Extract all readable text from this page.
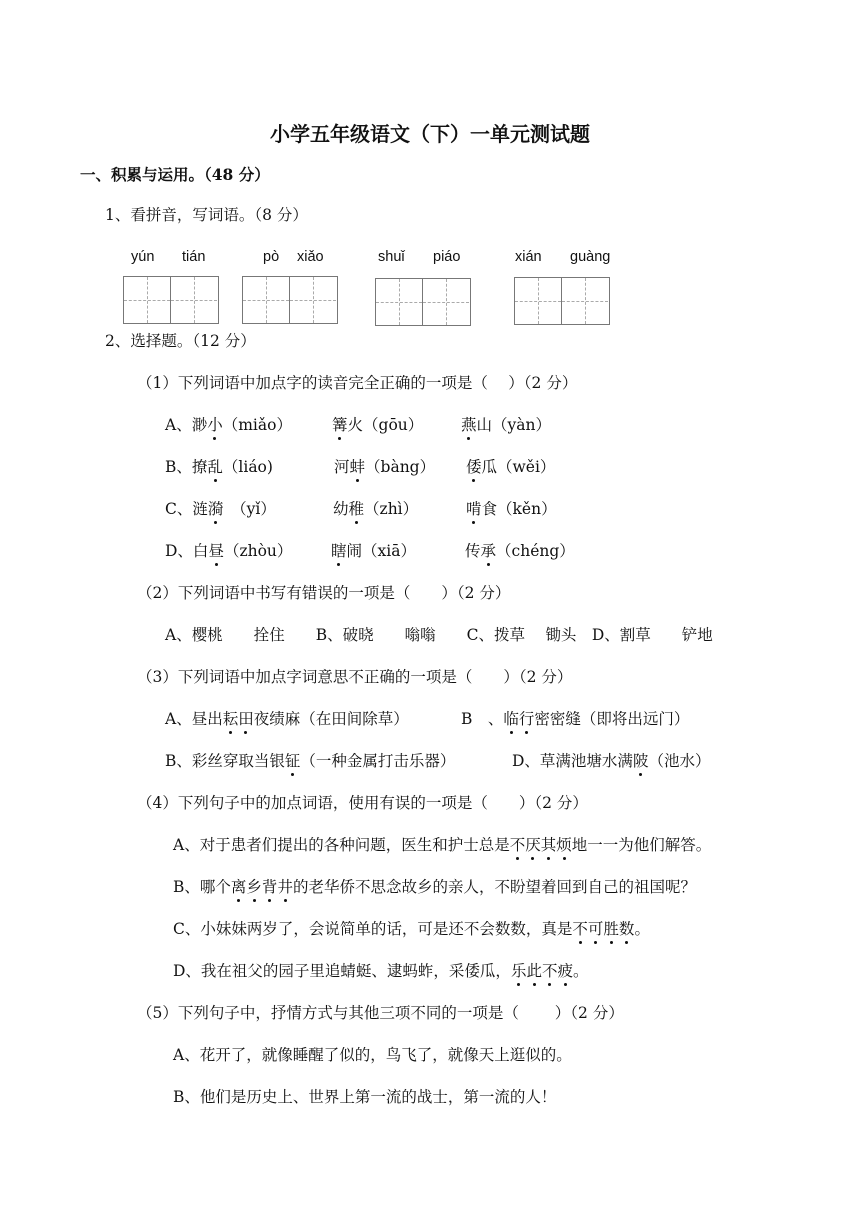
小学五年级语文（下）一单元测试题
一、积累与运用。（48 分）
1、看拼音，写词语。（8 分）
yún tián	pò xiǎo	shuǐ piáo	xián guàng
2、选择题。（12 分）
（1）下列词语中加点字的读音完全正确的一项是（　 ）（2 分）
A、渺小（miǎo）	篝火（gōu） 燕山（yàn）
B、撩乱（liáo)	河蚌（bàng） 倭瓜（wěi）
C、涟漪　（yǐ）	幼稚（zhì）	啃食（kěn）
D、白昼（zhòu） 瞎闹（xiā）	传承（chéng）
（2）下列词语中书写有错误的一项是（　　）（2 分）
A、樱桃　　拴住　　B、破晓　　嗡嗡　　C、拨草　 锄头　D、割草　　铲地
（3）下列词语中加点字词意思不正确的一项是（　　）（2 分）
A、昼出耘田夜绩麻（在田间除草）	B　、临行密密缝（即将出远门）
B、彩丝穿取当银钲（一种金属打击乐器）	D、草满池塘水满陂（池水）
（4）下列句子中的加点词语，使用有误的一项是（　　）（2 分）
A、对于患者们提出的各种问题，医生和护士总是不厌其烦地一一为他们解答。
B、哪个离乡背井的老华侨不思念故乡的亲人，不盼望着回到自己的祖国呢？
C、小妹妹两岁了，会说简单的话，可是还不会数数，真是不可胜数。
D、我在祖父的园子里追蜻蜓、逮蚂蚱，采倭瓜，乐此不疲。
（5）下列句子中，抒情方式与其他三项不同的一项是（　　 ）（2 分）
A、花开了，就像睡醒了似的，鸟飞了，就像天上逛似的。
B、他们是历史上、世界上第一流的战士，第一流的人！
